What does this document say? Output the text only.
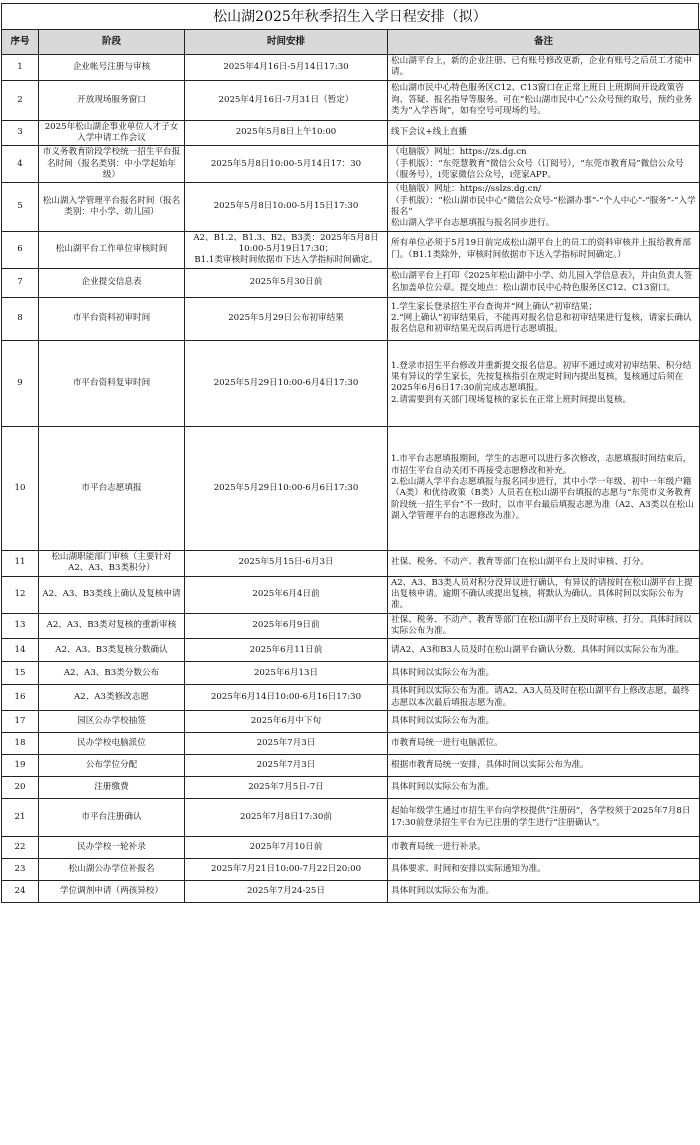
松山湖2025年秋季招生入学日程安排（拟）
序号	阶段	时间安排	备注
1	企业帐号注册与审核	2025年4月16日-5月14日17:30	松山湖平台上，新的企业注册、已有账号修改更新，企业有账号之后员工才能申请。
2	开放现场服务窗口	2025年4月16日-7月31日（暂定）	松山湖市民中心特色服务区C12、C13窗口在正常上班日上班期间开设政策咨询、答疑、报名指导等服务。可在“松山湖市民中心”公众号预约取号，预约业务类为“入学咨询”，如有空号可现场约号。
3	2025年松山湖企事业单位人才子女入学申请工作会议	2025年5月8日上午10:00	线下会议+线上直播
4	市义务教育阶段学校统一招生平台报名时间（报名类别：中小学起始年级）	2025年5月8日10:00-5月14日17：30	（电脑版）网址：https://zs.dg.cn
（手机版）：“东莞慧教育”微信公众号（订阅号），“东莞市教育局”微信公众号（服务号），i莞家微信公众号，i莞家APP。
5	松山湖入学管理平台报名时间（报名类别：中小学、幼儿园）	2025年5月8日10:00-5月15日17:30	（电脑版）网址：https://sslzs.dg.cn/
（手机版）：“松山湖市民中心”微信公众号-“松湖办事”-“个人中心”-“服务”-“入学报名”
松山湖入学平台志愿填报与报名同步进行。
6	松山湖平台工作单位审核时间	A2、B1.2、B1.3、B2、B3类：2025年5月8日10:00-5月19日17:30；
B1.1类审核时间依据市下达入学指标时间确定。	所有单位必须于5月19日前完成松山湖平台上的员工的资料审核并上报给教育部门。（B1.1类除外，审核时间依据市下达入学指标时间确定。）
7	企业提交信息表	2025年5月30日前	松山湖平台上打印《2025年松山湖中小学、幼儿园入学信息表》，并由负责人签名加盖单位公章。提交地点：松山湖市民中心特色服务区C12、C13窗口。
8	市平台资料初审时间	2025年5月29日公布初审结果	1.学生家长登录招生平台查询并“网上确认”初审结果；
2.“网上确认”初审结果后，不能再对报名信息和初审结果进行复核，请家长确认报名信息和初审结果无误后再进行志愿填报。
9	市平台资料复审时间	2025年5月29日10:00-6月4日17:30	1.登录市招生平台修改并重新提交报名信息。初审不通过或对初审结果、积分结果有异议的学生家长，先按复核指引在规定时间内提出复核，复核通过后须在2025年6月6日17:30前完成志愿填报。
2.请需要到有关部门现场复核的家长在正常上班时间提出复核。
10	市平台志愿填报	2025年5月29日10:00-6月6日17:30	1.市平台志愿填报期间，学生的志愿可以进行多次修改，志愿填报时间结束后，市招生平台自动关闭不再接受志愿修改和补充。
2.松山湖入学平台志愿填报与报名同步进行，其中小学一年级、初中一年级户籍（A类）和优待政策（B类）人员若在松山湖平台填报的志愿与“东莞市义务教育阶段统一招生平台”不一致时，以市平台最后填报志愿为准（A2、A3类以在松山湖入学管理平台的志愿修改为准）。
11	松山湖职能部门审核（主要针对A2、A3、B3类积分）	2025年5月15日-6月3日	社保、税务、不动产、教育等部门在松山湖平台上及时审核、打分。
12	A2、A3、B3类线上确认及复核申请	2025年6月4日前	A2、A3、B3类人员对积分没异议进行确认，有异议的请按时在松山湖平台上提出复核申请。逾期不确认或提出复核，将默认为确认。具体时间以实际公布为准。
13	A2、A3、B3类对复核的重新审核	2025年6月9日前	社保、税务、不动产、教育等部门在松山湖平台上及时审核、打分。具体时间以实际公布为准。
14	A2、A3、B3类复核分数确认	2025年6月11日前	请A2、A3和B3人员及时在松山湖平台确认分数。具体时间以实际公布为准。
15	A2、A3、B3类分数公布	2025年6月13日	具体时间以实际公布为准。
16	A2、A3类修改志愿	2025年6月14日10:00-6月16日17:30	具体时间以实际公布为准。请A2、A3人员及时在松山湖平台上修改志愿，最终志愿以本次最后填报志愿为准。
17	园区公办学校抽签	2025年6月中下旬	具体时间以实际公布为准。
18	民办学校电脑派位	2025年7月3日	市教育局统一进行电脑派位。
19	公布学位分配	2025年7月3日	根据市教育局统一安排，具体时间以实际公布为准。
20	注册缴费	2025年7月5日-7日	具体时间以实际公布为准。
21	市平台注册确认	2025年7月8日17:30前	起始年级学生通过市招生平台向学校提供“注册码”，各学校须于2025年7月8日17:30前登录招生平台为已注册的学生进行“注册确认”。
22	民办学校一轮补录	2025年7月10日前	市教育局统一进行补录。
23	松山湖公办学位补报名	2025年7月21日10:00-7月22日20:00	具体要求、时间和安排以实际通知为准。
24	学位调剂申请（两孩异校）	2025年7月24-25日	具体时间以实际公布为准。
